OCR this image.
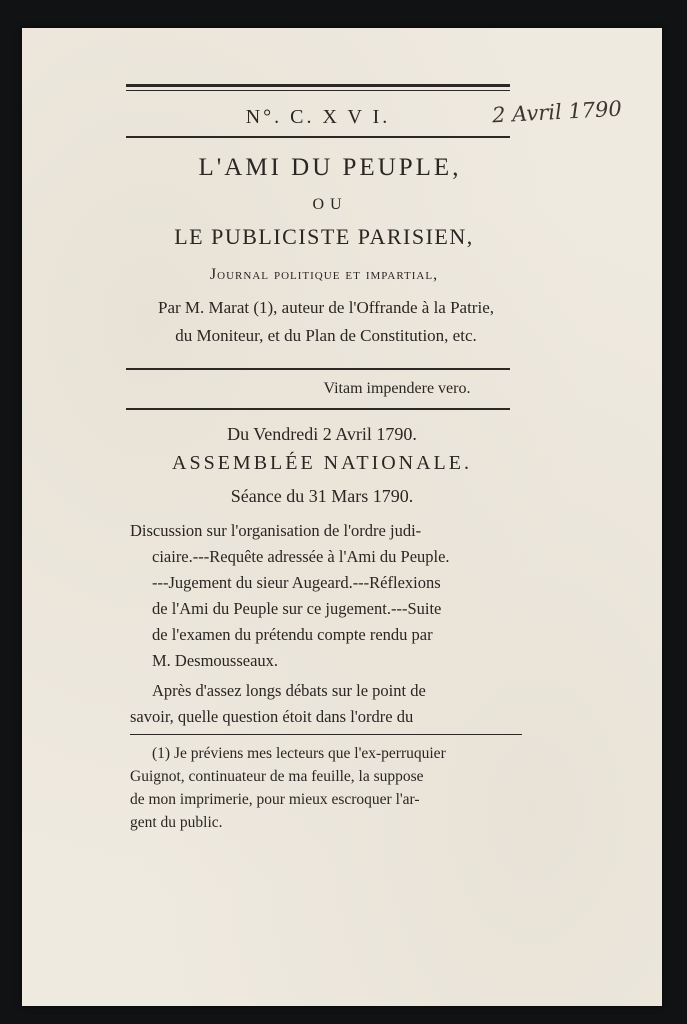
N°. C. X V I.	2 Avril 1790

L'AMI DU PEUPLE,

OU

LE PUBLICISTE PARISIEN,

Journal politique et impartial,

Par M. Marat (1), auteur de l'Offrande à la Patrie,

du Moniteur, et du Plan de Constitution, etc.

Vitam impendere vero.

Du Vendredi 2 Avril 1790.

ASSEMBLÉE NATIONALE.

Séance du 31 Mars 1790.

Discussion sur l'organisation de l'ordre judi-
ciaire.---Requête adressée à l'Ami du Peuple.
---Jugement du sieur Augeard.---Réflexions
de l'Ami du Peuple sur ce jugement.---Suite
de l'examen du prétendu compte rendu par
M. Desmousseaux.
Après d'assez longs débats sur le point de
savoir, quelle question étoit dans l'ordre du
(1) Je préviens mes lecteurs que l'ex-perruquier
Guignot, continuateur de ma feuille, la suppose
de mon imprimerie, pour mieux escroquer l'ar-
gent du public.
